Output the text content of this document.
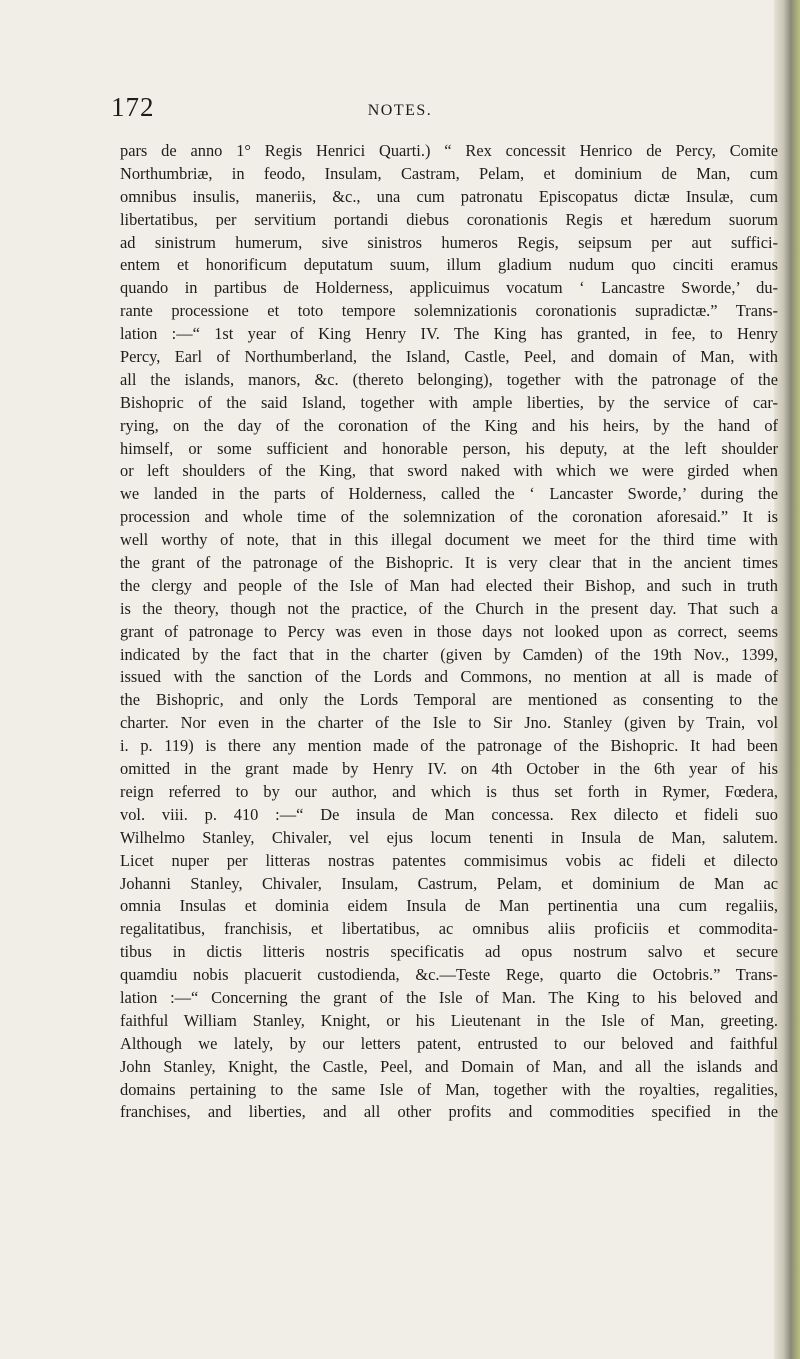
172	NOTES.
pars de anno 1° Regis Henrici Quarti.) “ Rex concessit Henrico de Percy, Comite
Northumbriæ, in feodo, Insulam, Castram, Pelam, et dominium de Man, cum
omnibus insulis, maneriis, &c., una cum patronatu Episcopatus dictæ Insulæ, cum
libertatibus, per servitium portandi diebus coronationis Regis et hæredum suorum
ad sinistrum humerum, sive sinistros humeros Regis, seipsum per aut suffici-
entem et honorificum deputatum suum, illum gladium nudum quo cinciti eramus
quando in partibus de Holderness, applicuimus vocatum ‘ Lancastre Sworde,’ du-
rante processione et toto tempore solemnizationis coronationis supradictæ.” Trans-
lation :—“ 1st year of King Henry IV. The King has granted, in fee, to Henry
Percy, Earl of Northumberland, the Island, Castle, Peel, and domain of Man, with
all the islands, manors, &c. (thereto belonging), together with the patronage of the
Bishopric of the said Island, together with ample liberties, by the service of car-
rying, on the day of the coronation of the King and his heirs, by the hand of
himself, or some sufficient and honorable person, his deputy, at the left shoulder
or left shoulders of the King, that sword naked with which we were girded when
we landed in the parts of Holderness, called the ‘ Lancaster Sworde,’ during the
procession and whole time of the solemnization of the coronation aforesaid.” It is
well worthy of note, that in this illegal document we meet for the third time with
the grant of the patronage of the Bishopric. It is very clear that in the ancient times
the clergy and people of the Isle of Man had elected their Bishop, and such in truth
is the theory, though not the practice, of the Church in the present day. That such a
grant of patronage to Percy was even in those days not looked upon as correct, seems
indicated by the fact that in the charter (given by Camden) of the 19th Nov., 1399,
issued with the sanction of the Lords and Commons, no mention at all is made of
the Bishopric, and only the Lords Temporal are mentioned as consenting to the
charter. Nor even in the charter of the Isle to Sir Jno. Stanley (given by Train, vol
i. p. 119) is there any mention made of the patronage of the Bishopric. It had been
omitted in the grant made by Henry IV. on 4th October in the 6th year of his
reign referred to by our author, and which is thus set forth in Rymer, Fœdera,
vol. viii. p. 410 :—“ De insula de Man concessa. Rex dilecto et fideli suo
Wilhelmo Stanley, Chivaler, vel ejus locum tenenti in Insula de Man, salutem.
Licet nuper per litteras nostras patentes commisimus vobis ac fideli et dilecto
Johanni Stanley, Chivaler, Insulam, Castrum, Pelam, et dominium de Man ac
omnia Insulas et dominia eidem Insula de Man pertinentia una cum regaliis,
regalitatibus, franchisis, et libertatibus, ac omnibus aliis proficiis et commodita-
tibus in dictis litteris nostris specificatis ad opus nostrum salvo et secure
quamdiu nobis placuerit custodienda, &c.—Teste Rege, quarto die Octobris.” Trans-
lation :—“ Concerning the grant of the Isle of Man. The King to his beloved and
faithful William Stanley, Knight, or his Lieutenant in the Isle of Man, greeting.
Although we lately, by our letters patent, entrusted to our beloved and faithful
John Stanley, Knight, the Castle, Peel, and Domain of Man, and all the islands and
domains pertaining to the same Isle of Man, together with the royalties, regalities,
franchises, and liberties, and all other profits and commodities specified in the
